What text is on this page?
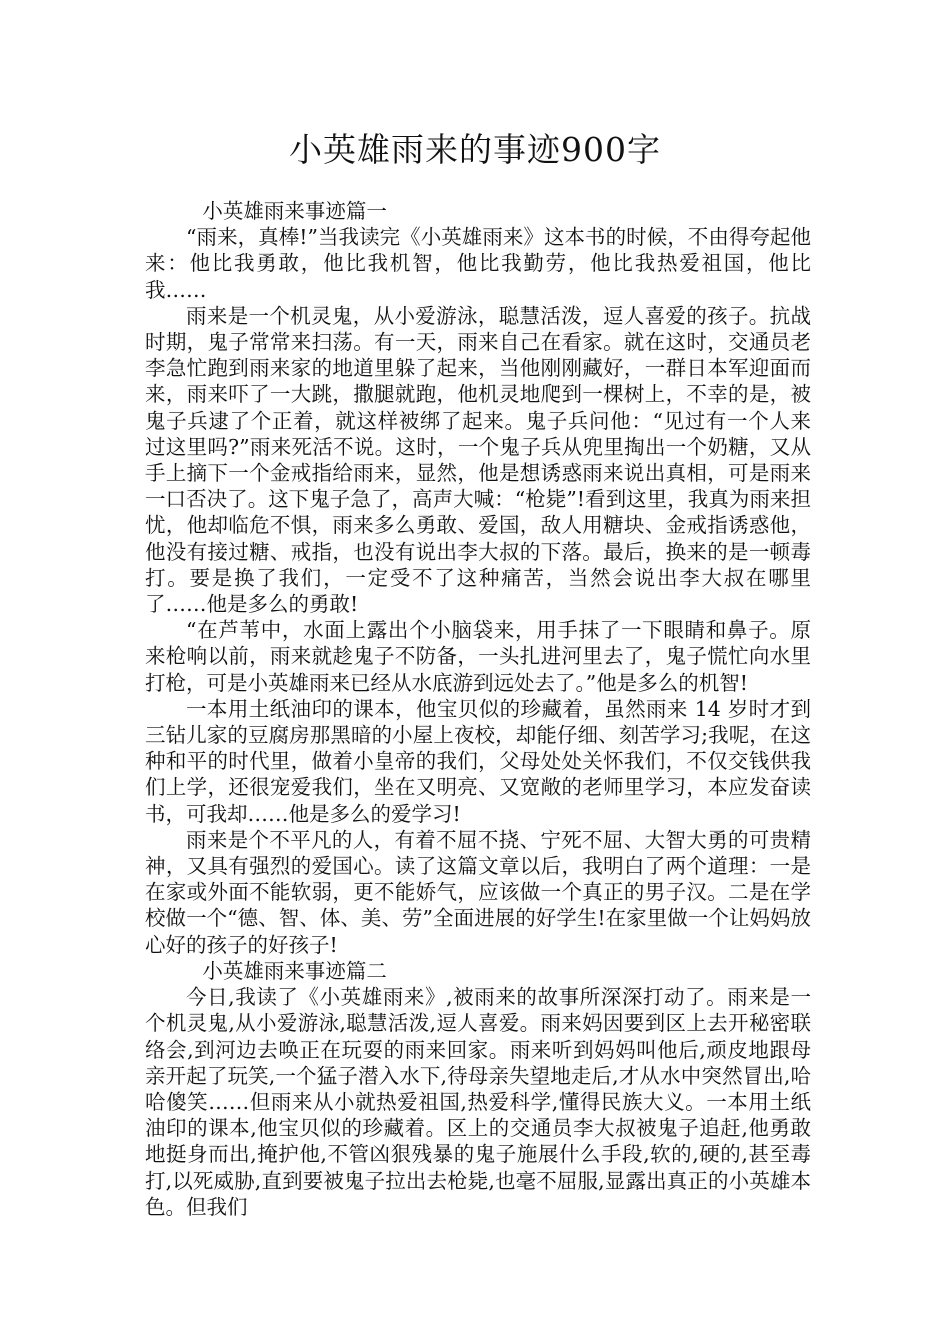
小英雄雨来的事迹900字

小英雄雨来事迹篇一

“雨来，真棒!”当我读完《小英雄雨来》这本书的时候，不由得夸起他来：他比我勇敢，他比我机智，他比我勤劳，他比我热爱祖国，他比我……

雨来是一个机灵鬼，从小爱游泳，聪慧活泼，逗人喜爱的孩子。抗战时期，鬼子常常来扫荡。有一天，雨来自己在看家。就在这时，交通员老李急忙跑到雨来家的地道里躲了起来，当他刚刚藏好，一群日本军迎面而来，雨来吓了一大跳，撒腿就跑，他机灵地爬到一棵树上，不幸的是，被鬼子兵逮了个正着，就这样被绑了起来。鬼子兵问他：“见过有一个人来过这里吗?”雨来死活不说。这时，一个鬼子兵从兜里掏出一个奶糖，又从手上摘下一个金戒指给雨来，显然，他是想诱惑雨来说出真相，可是雨来一口否决了。这下鬼子急了，高声大喊：“枪毙”!看到这里，我真为雨来担忧，他却临危不惧，雨来多么勇敢、爱国，敌人用糖块、金戒指诱惑他，他没有接过糖、戒指，也没有说出李大叔的下落。最后，换来的是一顿毒打。要是换了我们，一定受不了这种痛苦，当然会说出李大叔在哪里了……他是多么的勇敢!

“在芦苇中，水面上露出个小脑袋来，用手抹了一下眼睛和鼻子。原来枪响以前，雨来就趁鬼子不防备，一头扎进河里去了，鬼子慌忙向水里打枪，可是小英雄雨来已经从水底游到远处去了。”他是多么的机智!

一本用土纸油印的课本，他宝贝似的珍藏着，虽然雨来 14 岁时才到三钻儿家的豆腐房那黑暗的小屋上夜校，却能仔细、刻苦学习;我呢，在这种和平的时代里，做着小皇帝的我们，父母处处关怀我们，不仅交钱供我们上学，还很宠爱我们，坐在又明亮、又宽敞的老师里学习，本应发奋读书，可我却……他是多么的爱学习!

雨来是个不平凡的人，有着不屈不挠、宁死不屈、大智大勇的可贵精神，又具有强烈的爱国心。读了这篇文章以后，我明白了两个道理：一是在家或外面不能软弱，更不能娇气，应该做一个真正的男子汉。二是在学校做一个“德、智、体、美、劳”全面进展的好学生!在家里做一个让妈妈放心好的孩子的好孩子!

小英雄雨来事迹篇二

今日,我读了《小英雄雨来》,被雨来的故事所深深打动了。雨来是一个机灵鬼,从小爱游泳,聪慧活泼,逗人喜爱。雨来妈因要到区上去开秘密联络会,到河边去唤正在玩耍的雨来回家。雨来听到妈妈叫他后,顽皮地跟母亲开起了玩笑,一个猛子潜入水下,待母亲失望地走后,才从水中突然冒出,哈哈傻笑……但雨来从小就热爱祖国,热爱科学,懂得民族大义。一本用土纸油印的课本,他宝贝似的珍藏着。区上的交通员李大叔被鬼子追赶,他勇敢地挺身而出,掩护他,不管凶狠残暴的鬼子施展什么手段,软的,硬的,甚至毒打,以死威胁,直到要被鬼子拉出去枪毙,也毫不屈服,显露出真正的小英雄本色。但我们
